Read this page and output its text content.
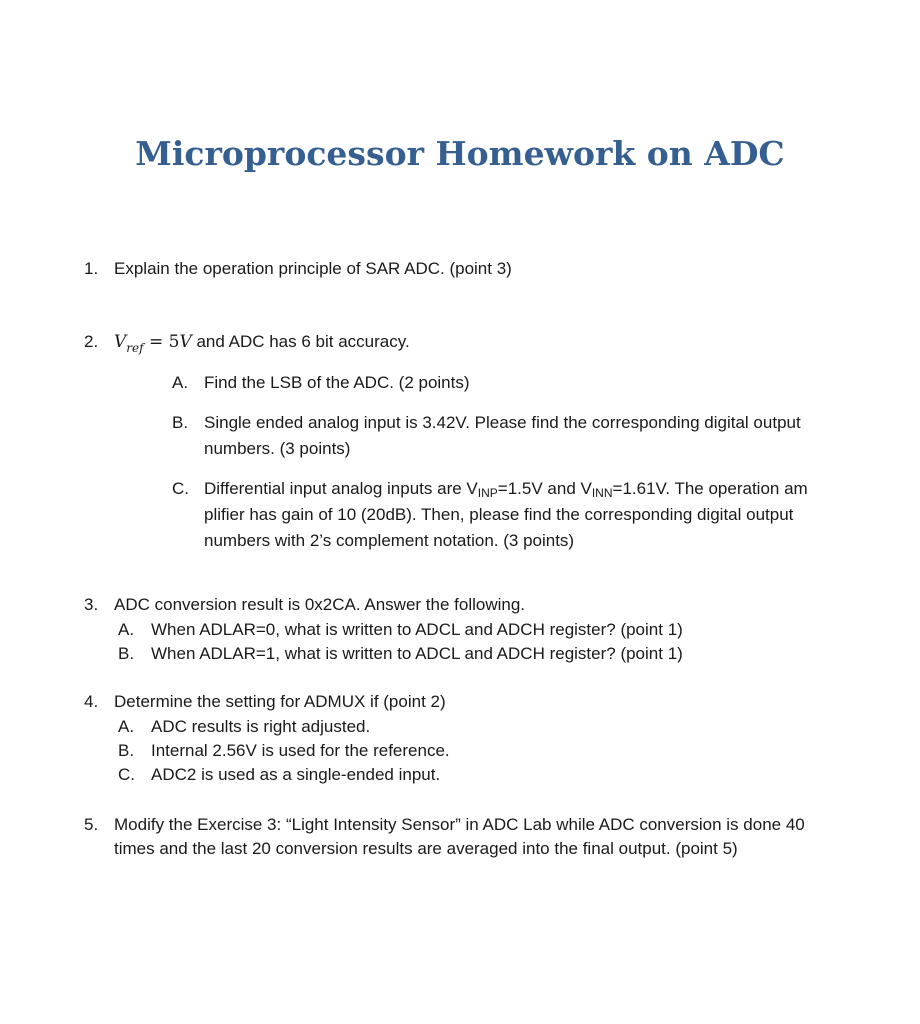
Microprocessor Homework on ADC
1. Explain the operation principle of SAR ADC. (point 3)
2. $V_{ref} = 5V$ and ADC has 6 bit accuracy.
A. Find the LSB of the ADC. (2 points)
B. Single ended analog input is 3.42V. Please find the corresponding digital output
numbers. (3 points)
C. Differential input analog inputs are VINP=1.5V and VINN=1.61V. The operation am
plifier has gain of 10 (20dB). Then, please find the corresponding digital output
numbers with 2’s complement notation. (3 points)
3. ADC conversion result is 0x2CA. Answer the following.
A. When ADLAR=0, what is written to ADCL and ADCH register? (point 1)
B. When ADLAR=1, what is written to ADCL and ADCH register? (point 1)
4. Determine the setting for ADMUX if (point 2)
A. ADC results is right adjusted.
B. Internal 2.56V is used for the reference.
C. ADC2 is used as a single-ended input.
5. Modify the Exercise 3: “Light Intensity Sensor” in ADC Lab while ADC conversion is done 40
times and the last 20 conversion results are averaged into the final output. (point 5)
